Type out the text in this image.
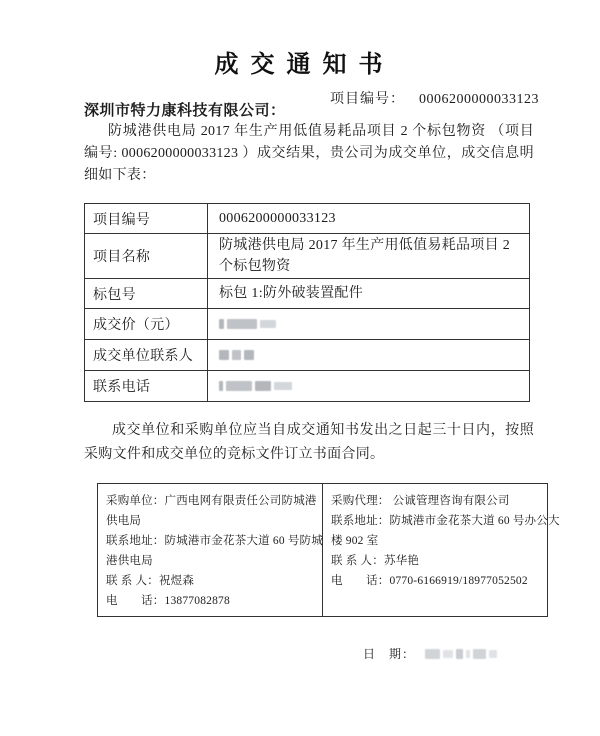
成 交 通 知 书
项目编号： 0006200000033123
深圳市特力康科技有限公司：
防城港供电局 2017 年生产用低值易耗品项目 2 个标包物资 （项目编号: 0006200000033123 ）成交结果，贵公司为成交单位，成交信息明细如下表：
项目编号	0006200000033123
项目名称	防城港供电局 2017 年生产用低值易耗品项目 2 个标包物资
标包号	标包 1:防外破装置配件
成交价（元）	

成交单位联系人	

联系电话	
成交单位和采购单位应当自成交通知书发出之日起三十日内，按照采购文件和成交单位的竞标文件订立书面合同。
采购单位：广西电网有限责任公司防城港
供电局
联系地址：防城港市金花茶大道 60 号防城
港供电局
联 系 人：祝煜森
电　　话：13877082878

采购代理： 公诚管理咨询有限公司
联系地址：防城港市金花茶大道 60 号办公大
楼 902 室
联 系 人：苏华艳
电　　话：0770-6166919/18977052502
日　期：
